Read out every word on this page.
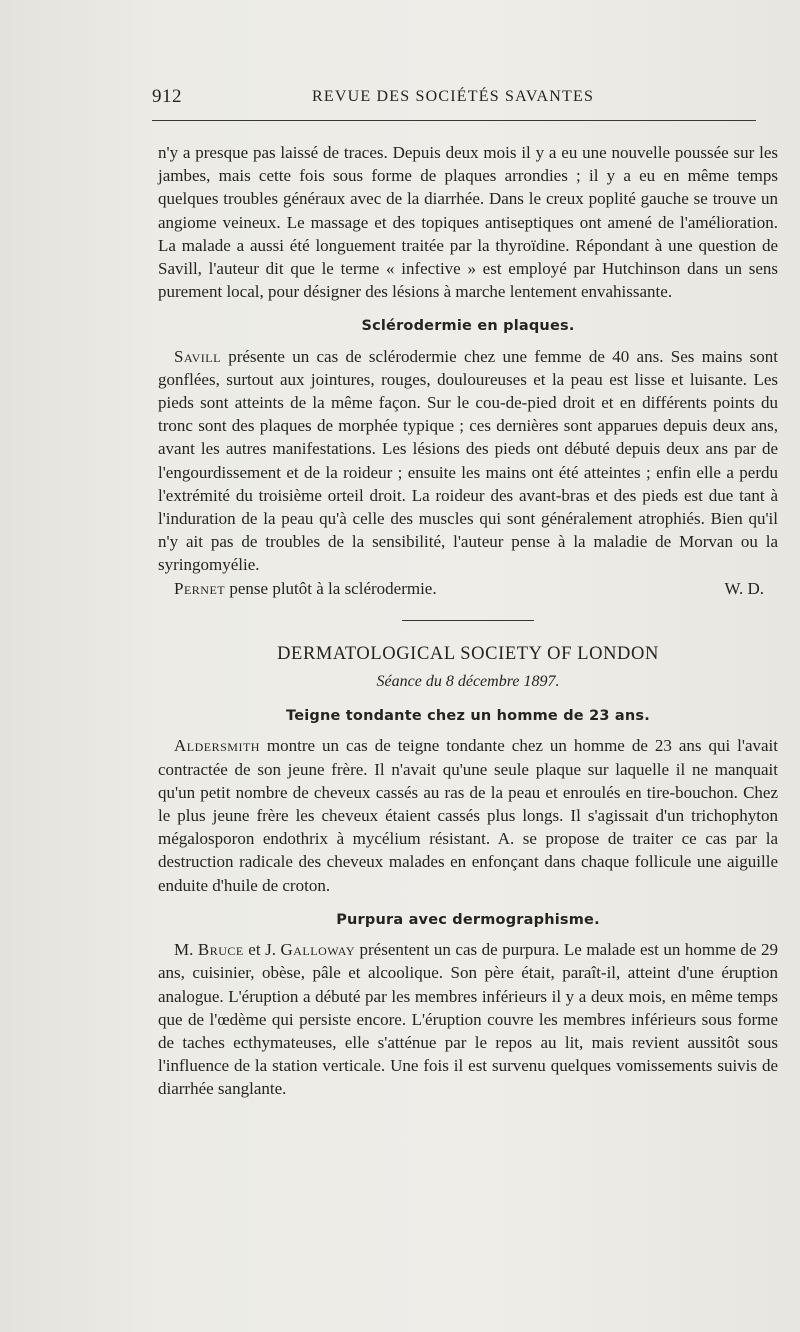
912	REVUE DES SOCIÉTÉS SAVANTES

n'y a presque pas laissé de traces. Depuis deux mois il y a eu une nouvelle poussée sur les jambes, mais cette fois sous forme de plaques arrondies ; il y a eu en même temps quelques troubles généraux avec de la diarrhée. Dans le creux poplité gauche se trouve un angiome veineux. Le massage et des topiques antiseptiques ont amené de l'amélioration. La malade a aussi été longuement traitée par la thyroïdine. Répondant à une question de Savill, l'auteur dit que le terme « infective » est employé par Hutchinson dans un sens purement local, pour désigner des lésions à marche lentement envahissante.

Sclérodermie en plaques.

Savill présente un cas de sclérodermie chez une femme de 40 ans. Ses mains sont gonflées, surtout aux jointures, rouges, douloureuses et la peau est lisse et luisante. Les pieds sont atteints de la même façon. Sur le cou-de-pied droit et en différents points du tronc sont des plaques de morphée typique ; ces dernières sont apparues depuis deux ans, avant les autres manifestations. Les lésions des pieds ont débuté depuis deux ans par de l'engourdissement et de la roideur ; ensuite les mains ont été atteintes ; enfin elle a perdu l'extrémité du troisième orteil droit. La roideur des avant-bras et des pieds est due tant à l'induration de la peau qu'à celle des muscles qui sont généralement atrophiés. Bien qu'il n'y ait pas de troubles de la sensibilité, l'auteur pense à la maladie de Morvan ou la syringomyélie.

Pernet pense plutôt à la sclérodermie.	W. D.
DERMATOLOGICAL SOCIETY OF LONDON
Séance du 8 décembre 1897.
Teigne tondante chez un homme de 23 ans.

Aldersmith montre un cas de teigne tondante chez un homme de 23 ans qui l'avait contractée de son jeune frère. Il n'avait qu'une seule plaque sur laquelle il ne manquait qu'un petit nombre de cheveux cassés au ras de la peau et enroulés en tire-bouchon. Chez le plus jeune frère les cheveux étaient cassés plus longs. Il s'agissait d'un trichophyton mégalosporon endothrix à mycélium résistant. A. se propose de traiter ce cas par la destruction radicale des cheveux malades en enfonçant dans chaque follicule une aiguille enduite d'huile de croton.

Purpura avec dermographisme.

M. Bruce et J. Galloway présentent un cas de purpura. Le malade est un homme de 29 ans, cuisinier, obèse, pâle et alcoolique. Son père était, paraît-il, atteint d'une éruption analogue. L'éruption a débuté par les membres inférieurs il y a deux mois, en même temps que de l'œdème qui persiste encore. L'éruption couvre les membres inférieurs sous forme de taches ecthymateuses, elle s'atténue par le repos au lit, mais revient aussitôt sous l'influence de la station verticale. Une fois il est survenu quelques vomissements suivis de diarrhée sanglante.
